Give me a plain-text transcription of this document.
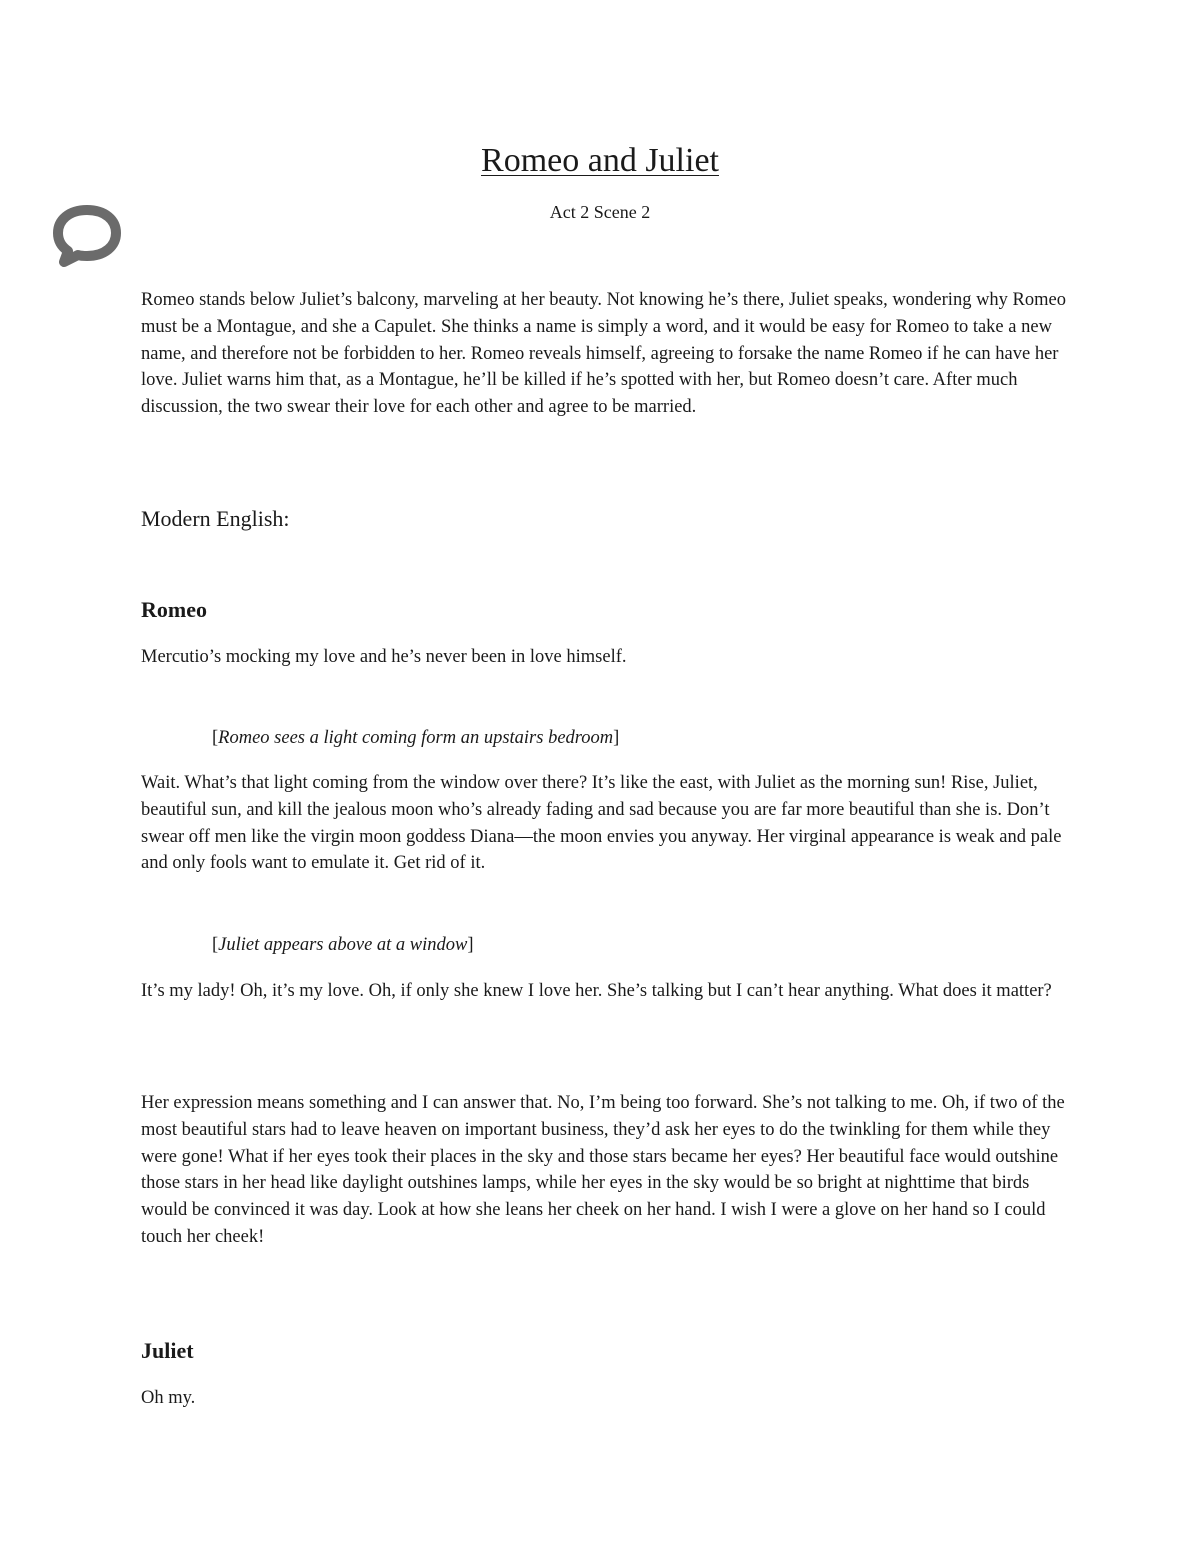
Romeo and Juliet

Act 2 Scene 2

Romeo stands below Juliet’s balcony, marveling at her beauty. Not knowing he’s there, Juliet speaks, wondering why Romeo must be a Montague, and she a Capulet. She thinks a name is simply a word, and it would be easy for Romeo to take a new name, and therefore not be forbidden to her. Romeo reveals himself, agreeing to forsake the name Romeo if he can have her love. Juliet warns him that, as a Montague, he’ll be killed if he’s spotted with her, but Romeo doesn’t care. After much discussion, the two swear their love for each other and agree to be married.

Modern English:

Romeo

Mercutio’s mocking my love and he’s never been in love himself.

[Romeo sees a light coming form an upstairs bedroom]

Wait. What’s that light coming from the window over there? It’s like the east, with Juliet as the morning sun! Rise, Juliet, beautiful sun, and kill the jealous moon who’s already fading and sad because you are far more beautiful than she is. Don’t swear off men like the virgin moon goddess Diana—the moon envies you anyway. Her virginal appearance is weak and pale and only fools want to emulate it. Get rid of it.

[Juliet appears above at a window]

It’s my lady! Oh, it’s my love. Oh, if only she knew I love her. She’s talking but I can’t hear anything. What does it matter?

Her expression means something and I can answer that. No, I’m being too forward. She’s not talking to me. Oh, if two of the most beautiful stars had to leave heaven on important business, they’d ask her eyes to do the twinkling for them while they were gone! What if her eyes took their places in the sky and those stars became her eyes? Her beautiful face would outshine those stars in her head like daylight outshines lamps, while her eyes in the sky would be so bright at nighttime that birds would be convinced it was day. Look at how she leans her cheek on her hand. I wish I were a glove on her hand so I could touch her cheek!

Juliet

Oh my.
